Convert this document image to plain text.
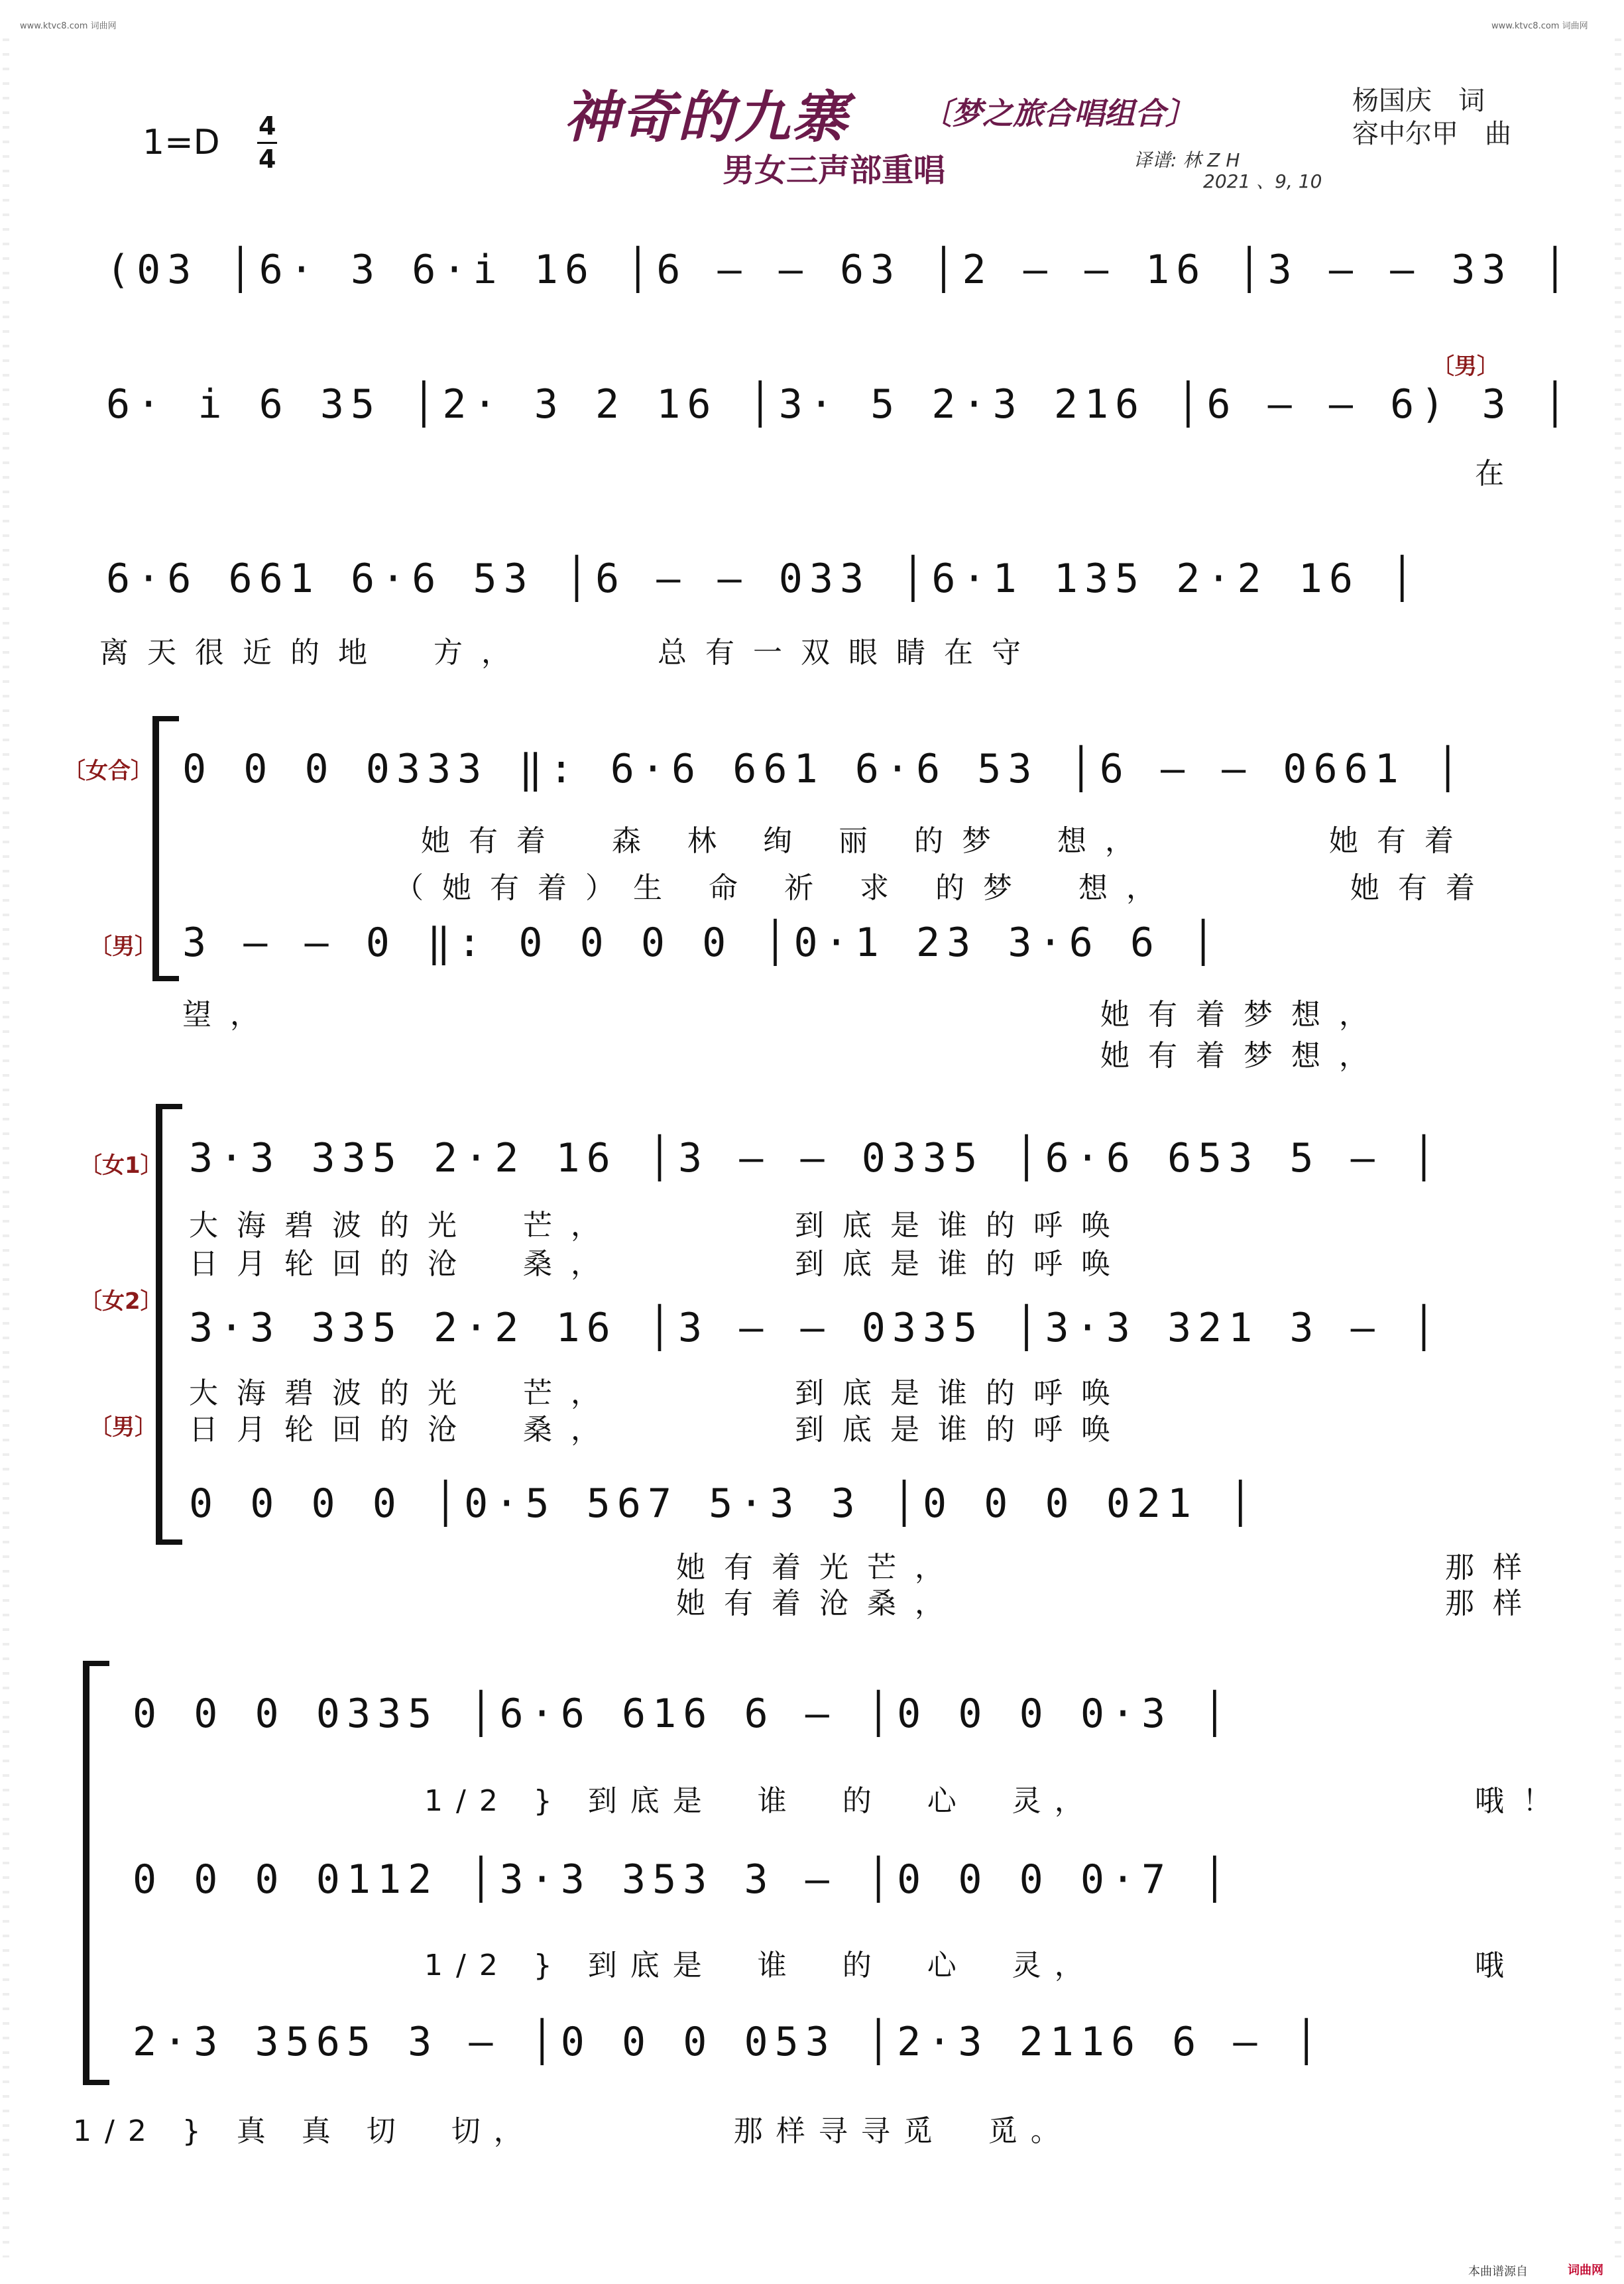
www.ktvc8.com 词曲网	www.ktvc8.com 词曲网
神奇的九寨 〔梦之旅合唱组合〕
男女三声部重唱
杨国庆　词
容中尔甲　曲
1=D 4
4	译谱: 林 Z H
2021 、9, 10
(03 │6· 3 6·i 16 │6 – – 63 │2 – – 16 │3 – – 33 │
6· i 6 35 │2· 3 2 16 │3· 5 2·3 216 │6 – – 6) 3 │
〔男〕
在
6·6 661 6·6 53 │6 – – 033 │6·1 135 2·2 16 │
离天很近的地　方，　　　总有一双眼睛在守
〔女合〕
〔男〕
0 0 0 0333 ‖: 6·6 661 6·6 53 │6 – – 0661 │
她有着　森 林 绚 丽 的梦　想，　　　　她有着
（她有着）生 命 祈 求 的梦　想，　　　　她有着
3 – – 0 ‖: 0 0 0 0 │0·1 23 3·6 6 │
望，	她有着梦想，
她有着梦想，
〔女1〕
〔女2〕
〔男〕
3·3 335 2·2 16 │3 – – 0335 │6·6 653 5 – │
大海碧波的光　芒，　　　　到底是谁的呼唤
日月轮回的沧　桑，　　　　到底是谁的呼唤
3·3 335 2·2 16 │3 – – 0335 │3·3 321 3 – │
大海碧波的光　芒，　　　　到底是谁的呼唤
日月轮回的沧　桑，　　　　到底是谁的呼唤
0 0 0 0 │0·5 567 5·3 3 │0 0 0 021 │
她有着光芒，
她有着沧桑，
那样
那样
0 0 0 0335 │6·6 616 6 – │0 0 0 0·3 │
1/2 } 到底是　谁　的　心　灵，	哦！
0 0 0 0112 │3·3 353 3 – │0 0 0 0·7 │
1/2 } 到底是　谁　的　心　灵，	哦
2·3 3565 3 – │0 0 0 053 │2·3 2116 6 – │
1/2 } 真 真 切　切，　　　　　那样寻寻觅　觅。
本曲谱源自	词曲网
